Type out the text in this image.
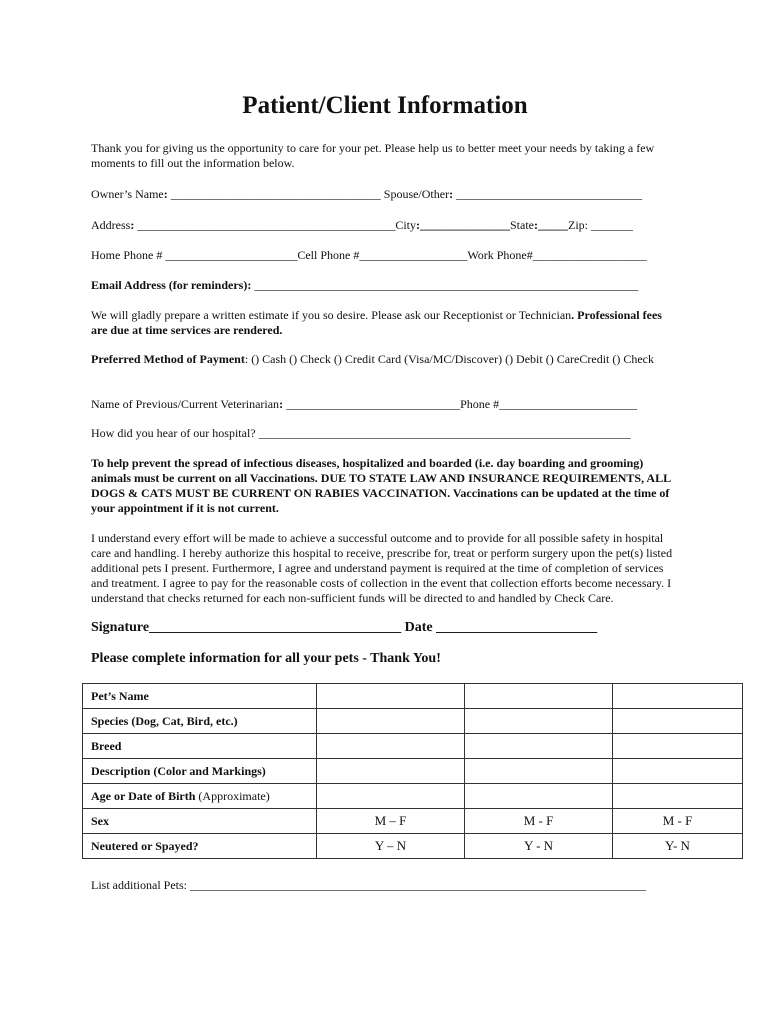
Patient/Client Information
Thank you for giving us the opportunity to care for your pet. Please help us to better meet your needs by taking a few moments to fill out the information below.
Owner’s Name: ___________________________________ Spouse/Other: _______________________________
Address: ___________________________________________City:_______________State:_____Zip: _______
Home Phone # ______________________Cell Phone #__________________Work Phone#___________________
Email Address (for reminders): ________________________________________________________________
We will gladly prepare a written estimate if you so desire. Please ask our Receptionist or Technician. Professional fees are due at time services are rendered.
Preferred Method of Payment: () Cash () Check () Credit Card (Visa/MC/Discover) () Debit () CareCredit () Check
Name of Previous/Current Veterinarian: _____________________________Phone #_______________________
How did you hear of our hospital? ______________________________________________________________
To help prevent the spread of infectious diseases, hospitalized and boarded (i.e. day boarding and grooming) animals must be current on all Vaccinations. DUE TO STATE LAW AND INSURANCE REQUIREMENTS, ALL DOGS & CATS MUST BE CURRENT ON RABIES VACCINATION. Vaccinations can be updated at the time of your appointment if it is not current.
I understand every effort will be made to achieve a successful outcome and to provide for all possible safety in hospital care and handling. I hereby authorize this hospital to receive, prescribe for, treat or perform surgery upon the pet(s) listed additional pets I present. Furthermore, I agree and understand payment is required at the time of completion of services and treatment. I agree to pay for the reasonable costs of collection in the event that collection efforts become necessary. I understand that checks returned for each non-sufficient funds will be directed to and handled by Check Care.
Signature____________________________________ Date _______________________
Please complete information for all your pets - Thank You!
Pet’s Name			
Species (Dog, Cat, Bird, etc.)			
Breed			
Description (Color and Markings)			
Age or Date of Birth (Approximate)			
Sex	M – F	M - F	M - F
Neutered or Spayed?	Y – N	Y - N	Y- N
List additional Pets: ____________________________________________________________________________
